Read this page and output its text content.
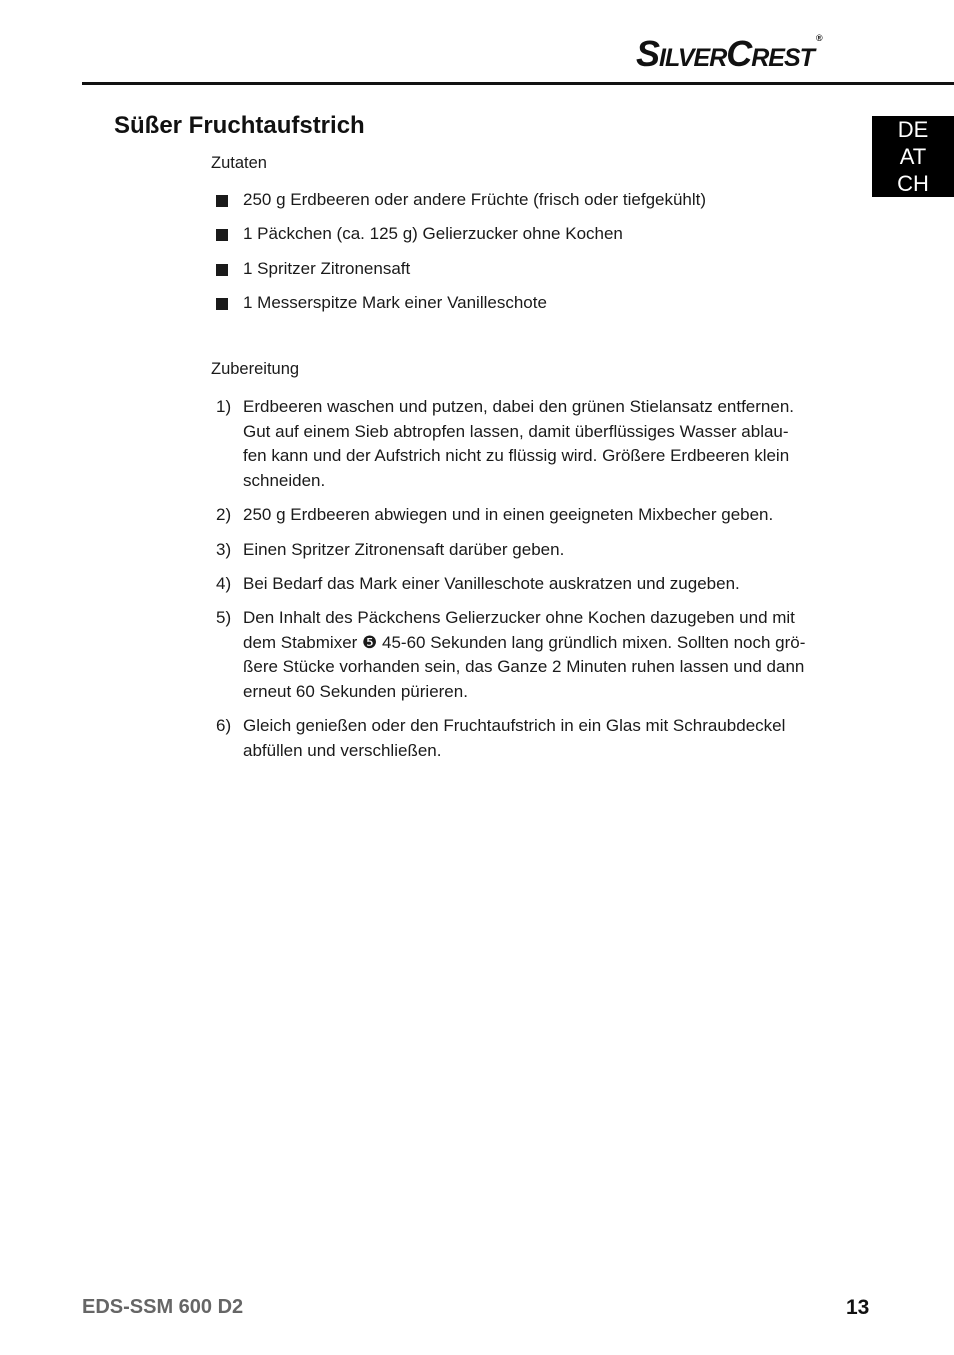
SilverCrest ®
DE
AT
CH
Süßer Fruchtaufstrich
Zutaten
250 g Erdbeeren oder andere Früchte (frisch oder tiefgekühlt)
1 Päckchen (ca. 125 g) Gelierzucker ohne Kochen
1 Spritzer Zitronensaft
1 Messerspitze Mark einer Vanilleschote
Zubereitung
1) Erdbeeren waschen und putzen, dabei den grünen Stielansatz entfernen.
Gut auf einem Sieb abtropfen lassen, damit überflüssiges Wasser ablau-
fen kann und der Aufstrich nicht zu flüssig wird. Größere Erdbeeren klein
schneiden.
2) 250 g Erdbeeren abwiegen und in einen geeigneten Mixbecher geben.
3) Einen Spritzer Zitronensaft darüber geben.
4) Bei Bedarf das Mark einer Vanilleschote auskratzen und zugeben.
5) Den Inhalt des Päckchens Gelierzucker ohne Kochen dazugeben und mit
dem Stabmixer ❺ 45-60 Sekunden lang gründlich mixen. Sollten noch grö-
ßere Stücke vorhanden sein, das Ganze 2 Minuten ruhen lassen und dann
erneut 60 Sekunden pürieren.
6) Gleich genießen oder den Fruchtaufstrich in ein Glas mit Schraubdeckel
abfüllen und verschließen.
EDS-SSM 600 D2	13
